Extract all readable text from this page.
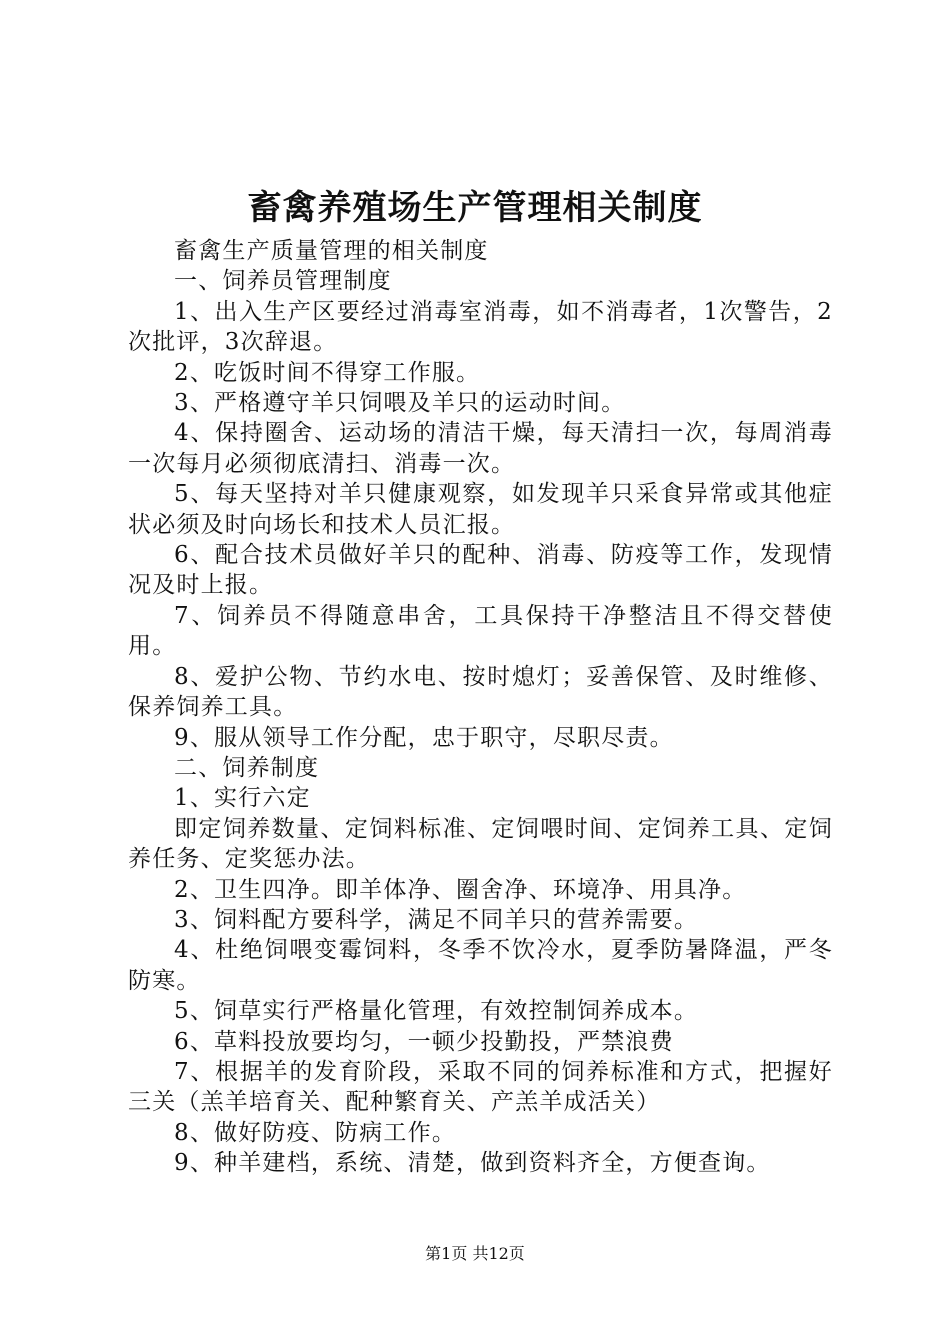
畜禽养殖场生产管理相关制度

畜禽生产质量管理的相关制度

一、饲养员管理制度

1、出入生产区要经过消毒室消毒，如不消毒者，1次警告，2次批评，3次辞退。

2、吃饭时间不得穿工作服。

3、严格遵守羊只饲喂及羊只的运动时间。

4、保持圈舍、运动场的清洁干燥，每天清扫一次，每周消毒一次每月必须彻底清扫、消毒一次。

5、每天坚持对羊只健康观察，如发现羊只采食异常或其他症状必须及时向场长和技术人员汇报。

6、配合技术员做好羊只的配种、消毒、防疫等工作，发现情况及时上报。

7、饲养员不得随意串舍，工具保持干净整洁且不得交替使用。

8、爱护公物、节约水电、按时熄灯；妥善保管、及时维修、保养饲养工具。

9、服从领导工作分配，忠于职守，尽职尽责。

二、饲养制度

1、实行六定

即定饲养数量、定饲料标准、定饲喂时间、定饲养工具、定饲养任务、定奖惩办法。

2、卫生四净。即羊体净、圈舍净、环境净、用具净。

3、饲料配方要科学，满足不同羊只的营养需要。

4、杜绝饲喂变霉饲料，冬季不饮冷水，夏季防暑降温，严冬防寒。

5、饲草实行严格量化管理，有效控制饲养成本。

6、草料投放要均匀，一顿少投勤投，严禁浪费

7、根据羊的发育阶段，采取不同的饲养标准和方式，把握好三关（羔羊培育关、配种繁育关、产羔羊成活关）

8、做好防疫、防病工作。

9、种羊建档，系统、清楚，做到资料齐全，方便查询。

第1页 共12页
